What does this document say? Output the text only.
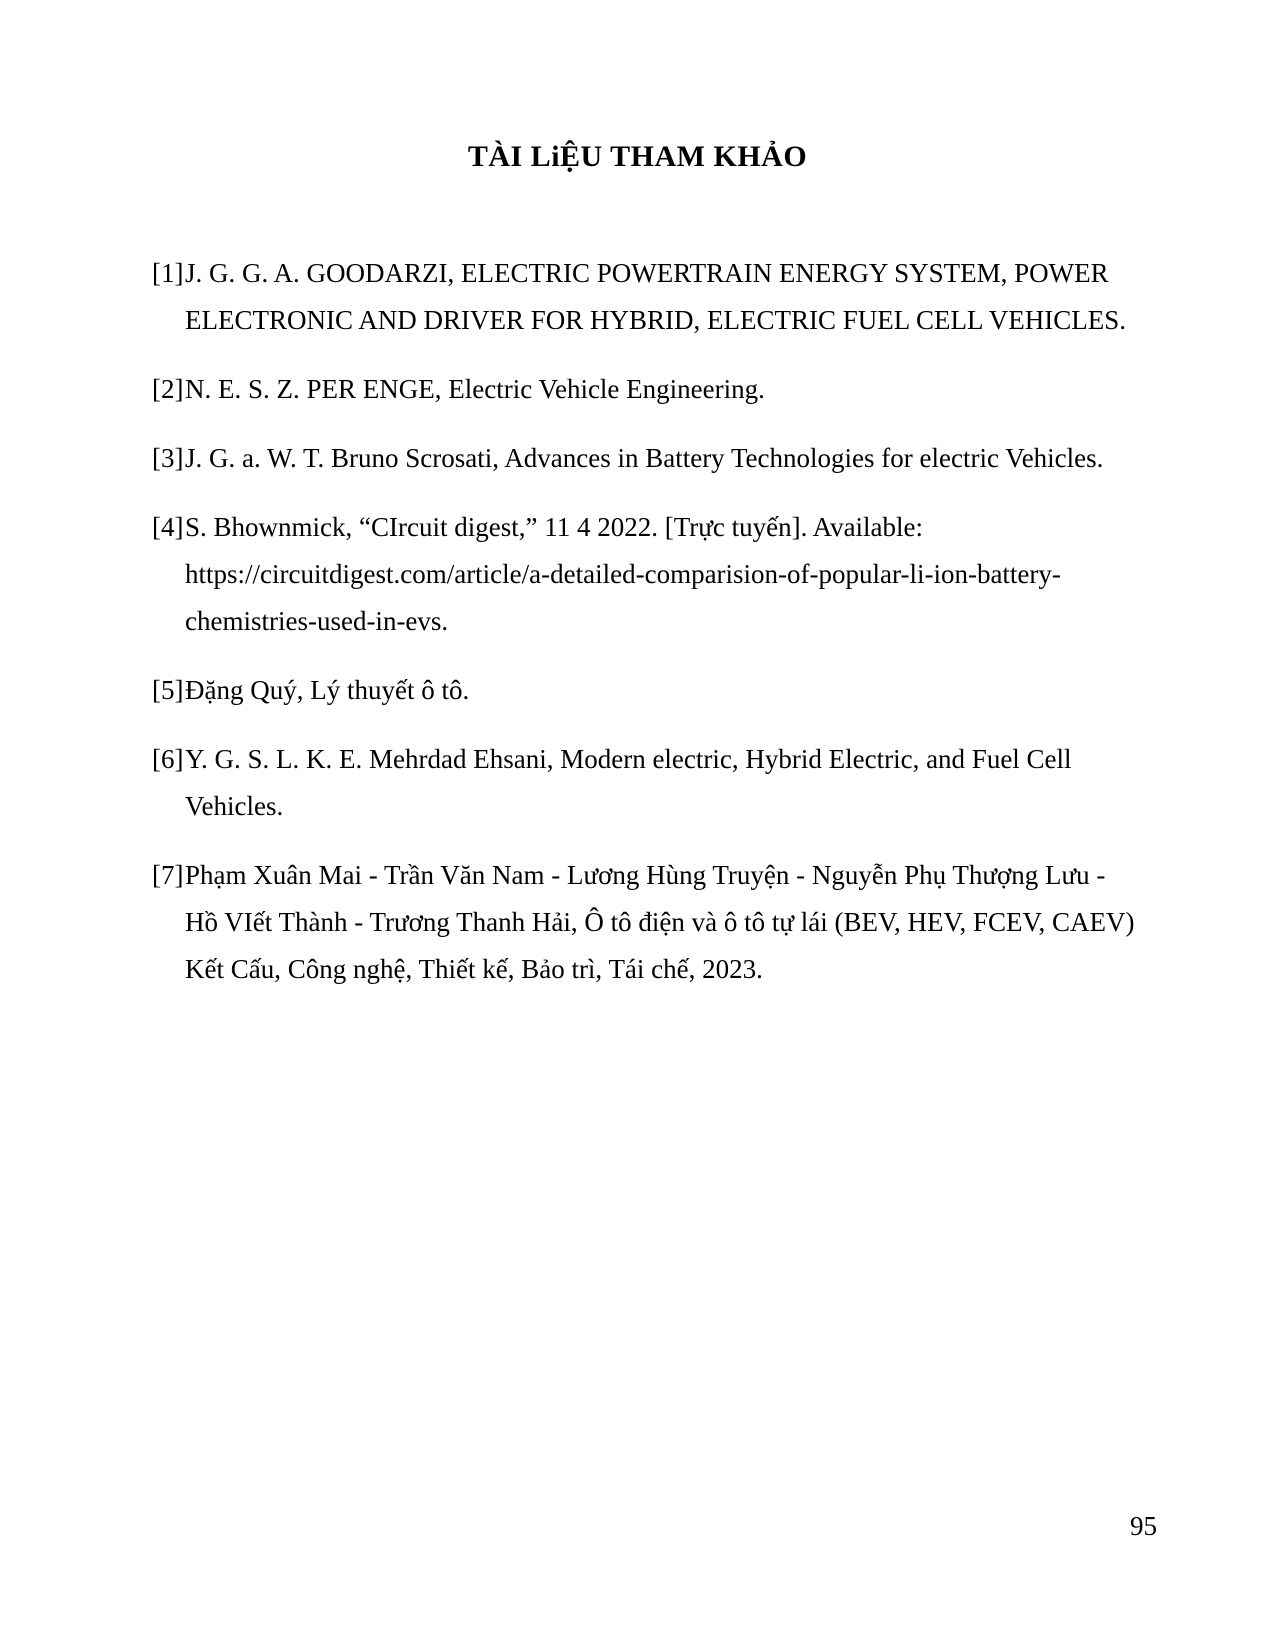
TÀI LiỆU THAM KHẢO
[1] J. G. G. A. GOODARZI, ELECTRIC POWERTRAIN ENERGY SYSTEM, POWER ELECTRONIC AND DRIVER FOR HYBRID, ELECTRIC FUEL CELL VEHICLES.
[2] N. E. S. Z. PER ENGE, Electric Vehicle Engineering.
[3] J. G. a. W. T. Bruno Scrosati, Advances in Battery Technologies for electric Vehicles.
[4] S. Bhownmick, “CIrcuit digest,” 11 4 2022. [Trực tuyến]. Available: https://circuitdigest.com/article/a-detailed-comparision-of-popular-li-ion-battery-chemistries-used-in-evs.
[5] Đặng Quý, Lý thuyết ô tô.
[6] Y. G. S. L. K. E. Mehrdad Ehsani, Modern electric, Hybrid Electric, and Fuel Cell Vehicles.
[7] Phạm Xuân Mai - Trần Văn Nam - Lương Hùng Truyện - Nguyễn Phụ Thượng Lưu - Hồ VIết Thành - Trương Thanh Hải, Ô tô điện và ô tô tự lái (BEV, HEV, FCEV, CAEV) Kết Cấu, Công nghệ, Thiết kế, Bảo trì, Tái chế, 2023.
95
